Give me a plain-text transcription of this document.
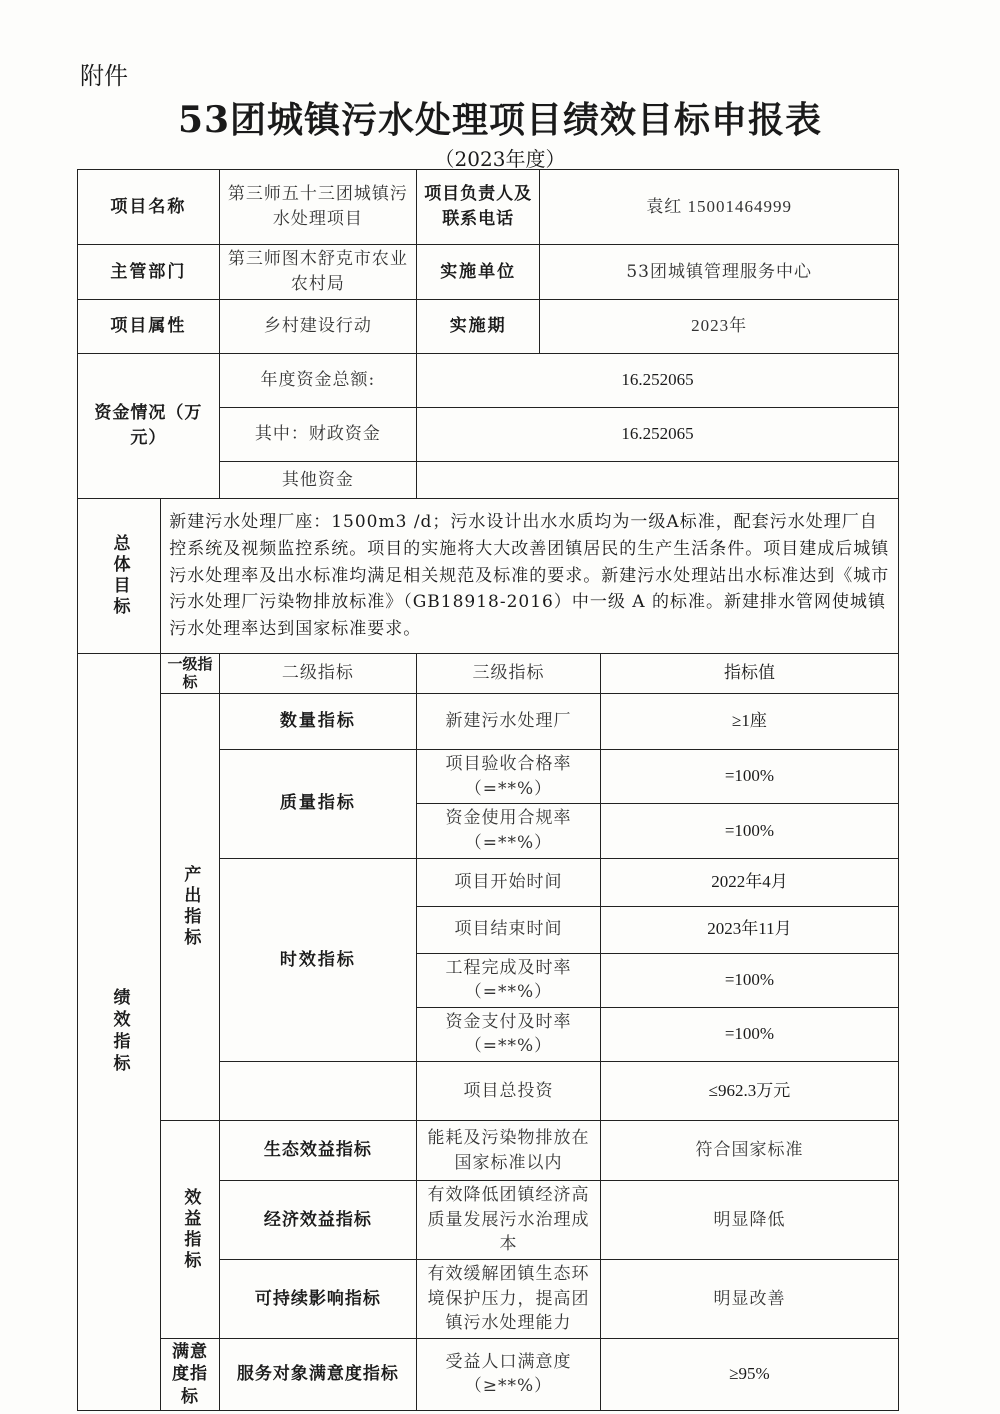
附件
53团城镇污水处理项目绩效目标申报表
（2023年度）
项目名称		第三师五十三团城镇污水处理项目	项目负责人及联系电话	袁红 15001464999	
主管部门		第三师图木舒克市农业农村局	实施单位	53团城镇管理服务中心	
项目属性		乡村建设行动	实施期	2023年	
资金情况（万元）		年度资金总额:	16.252065		
		其中：财政资金	16.252065		
		其他资金			
总体目标	新建污水处理厂座：1500m3 /d；污水设计出水水质均为一级A标准，配套污水处理厂自控系统及视频监控系统。项目的实施将大大改善团镇居民的生产生活条件。项目建成后城镇污水处理率及出水标准均满足相关规范及标准的要求。新建污水处理站出水标准达到《城市污水处理厂污染物排放标准》（GB18918-2016）中一级 A 的标准。新建排水管网使城镇污水处理率达到国家标准要求。				
绩效指标	一级指标	二级指标	三级指标		指标值
	产出指标	数量指标	新建污水处理厂		≥1座
		质量指标	项目验收合格率（=**%）		=100%
			资金使用合规率（=**%）		=100%
		时效指标	项目开始时间		2022年4月
			项目结束时间		2023年11月
			工程完成及时率（=**%）		=100%
			资金支付及时率（=**%）		=100%
			项目总投资		≤962.3万元
	效益指标	生态效益指标	能耗及污染物排放在国家标准以内		符合国家标准
		经济效益指标	有效降低团镇经济高质量发展污水治理成本		明显降低
		可持续影响指标	有效缓解团镇生态环境保护压力，提高团镇污水处理能力		明显改善
	满意度指标	服务对象满意度指标	受益人口满意度（≥**%）		≥95%
